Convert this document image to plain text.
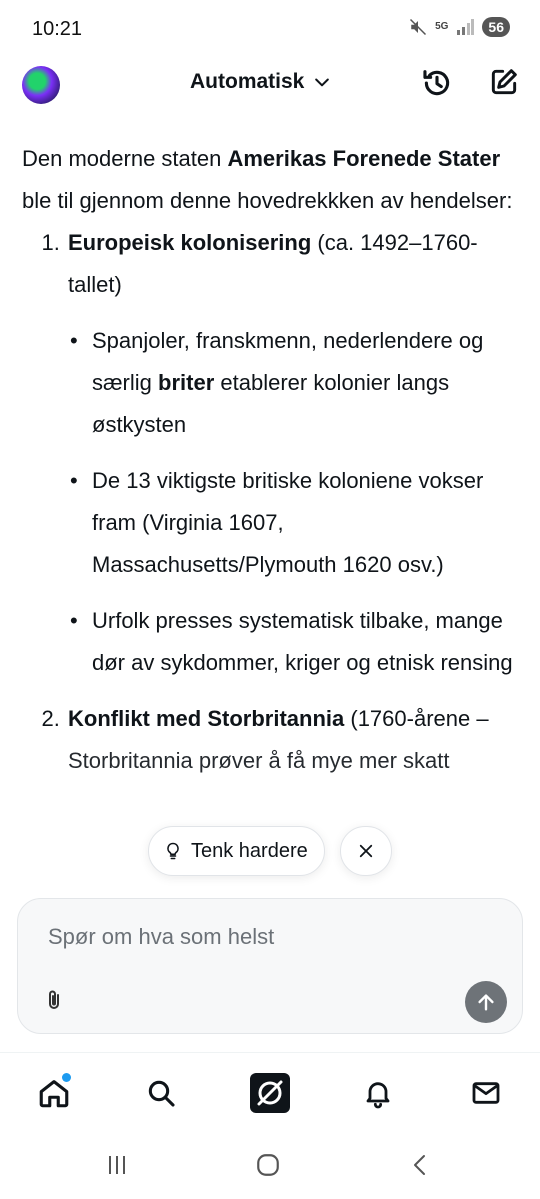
10:21	5G	56
Automatisk

Den moderne staten Amerikas Forenede Stater ble til gjennom denne hovedrekkken av hendelser:

1. Europeisk kolonisering (ca. 1492–1760-tallet)
• Spanjoler, franskmenn, nederlendere og særlig briter etablerer kolonier langs østkysten
• De 13 viktigste britiske koloniene vokser fram (Virginia 1607, Massachusetts/Plymouth 1620 osv.)
• Urfolk presses systematisk tilbake, mange dør av sykdommer, kriger og etnisk rensing
2. Konflikt med Storbritannia (1760-årene –
Storbritannia prøver å få mye mer skatt
Tenk hardere
Spør om hva som helst
